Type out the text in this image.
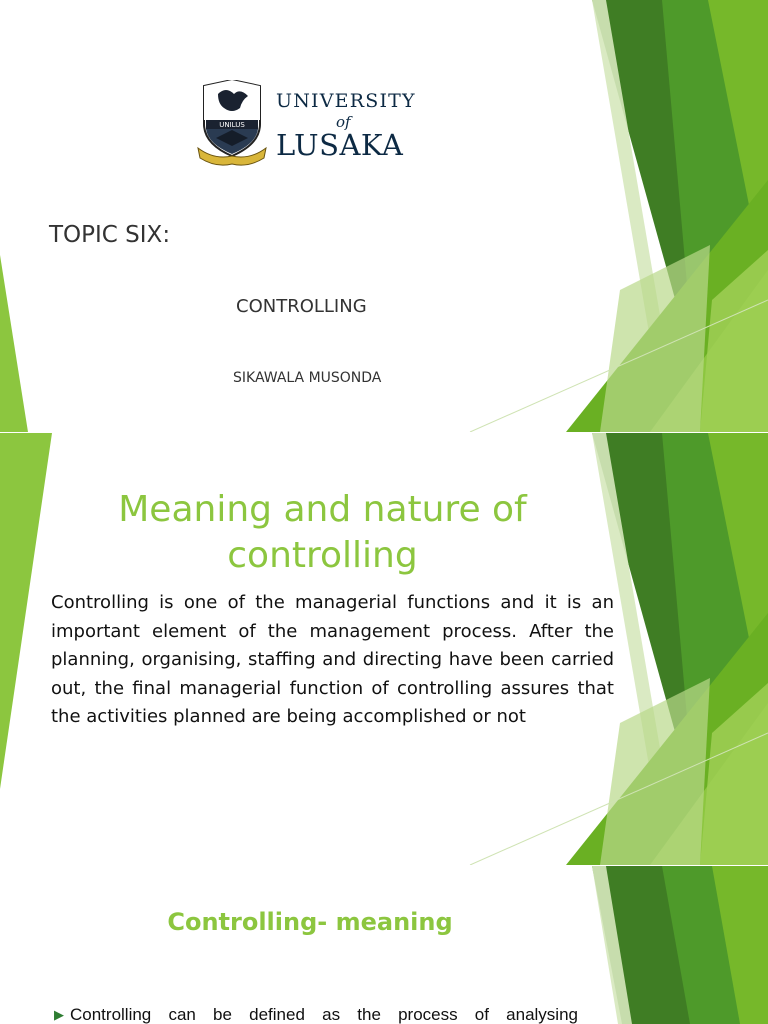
UNILUS
UNIVERSITY
of
LUSAKA
TOPIC SIX:
CONTROLLING
SIKAWALA MUSONDA
Meaning and nature of controlling
Controlling is one of the managerial functions and it is an important element of the management process. After the planning, organising, staffing and directing have been carried out, the final managerial function of controlling assures that the activities planned are being accomplished or not
Controlling- meaning
▶ Controlling can be defined as the process of analysing
